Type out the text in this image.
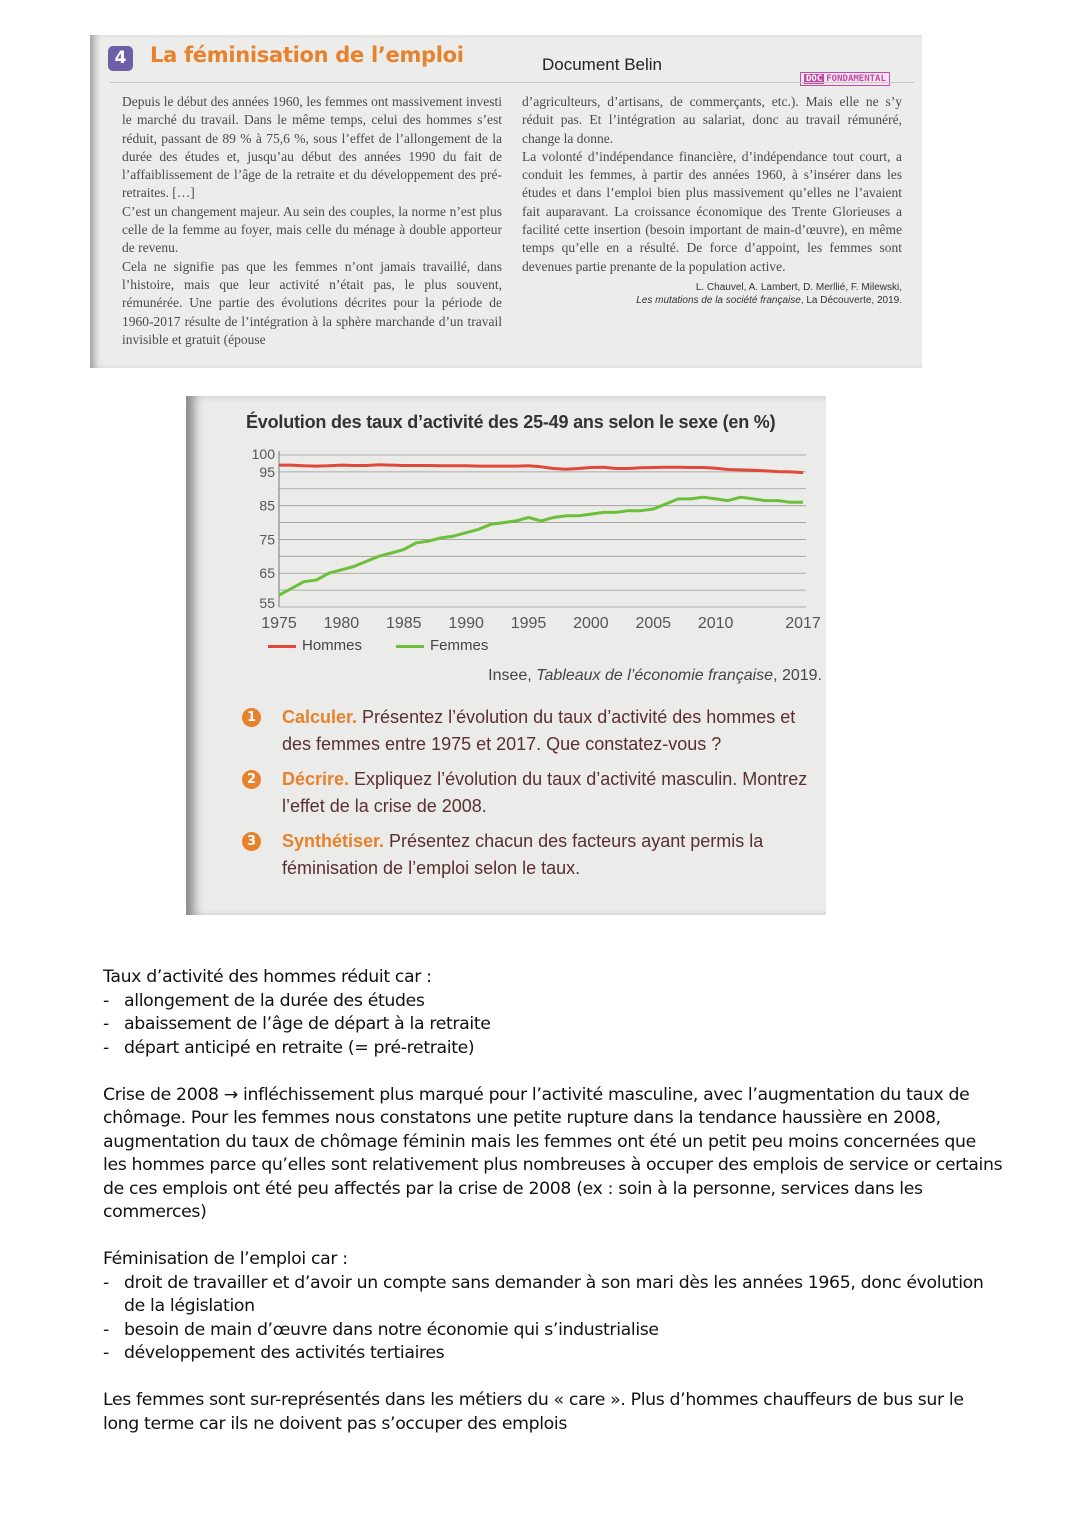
4	La féminisation de l’emploi	Document Belin
DOC FONDAMENTAL

Depuis le début des années 1960, les femmes ont massivement investi le marché du travail. Dans le même temps, celui des hommes s’est réduit, passant de 89 % à 75,6 %, sous l’effet de l’allongement de la durée des études et, jusqu’au début des années 1990 du fait de l’affaiblissement de l’âge de la retraite et du développement des pré-retraites. […]

C’est un changement majeur. Au sein des couples, la norme n’est plus celle de la femme au foyer, mais celle du ménage à double apporteur de revenu.

Cela ne signifie pas que les femmes n’ont jamais travaillé, dans l’histoire, mais que leur activité n’était pas, le plus souvent, rémunérée. Une partie des évolutions décrites pour la période de 1960-2017 résulte de l’intégration à la sphère marchande d’un travail invisible et gratuit (épouse

d’agriculteurs, d’artisans, de commerçants, etc.). Mais elle ne s’y réduit pas. Et l’intégration au salariat, donc au travail rémunéré, change la donne.

La volonté d’indépendance financière, d’indépendance tout court, a conduit les femmes, à partir des années 1960, à s’insérer dans les études et dans l’emploi bien plus massivement qu’elles ne l’avaient fait auparavant. La croissance économique des Trente Glorieuses a facilité cette insertion (besoin important de main-d’œuvre), en même temps qu’elle en a résulté. De force d’appoint, les femmes sont devenues partie prenante de la population active.

L. Chauvel, A. Lambert, D. Merllié, F. Milewski,
Les mutations de la société française, La Découverte, 2019.

Évolution des taux d’activité des 25-49 ans selon le sexe (en %)
100
95
85
75
65
55
1975 1980 1985 1990 1995 2000 2005 2010	2017
Hommes	Femmes
Insee, Tableaux de l’économie française, 2019.
1	Calculer. Présentez l’évolution du taux d’activité des hommes et des femmes entre 1975 et 2017. Que constatez-vous ?
2	Décrire. Expliquez l’évolution du taux d’activité masculin. Montrez l’effet de la crise de 2008.
3	Synthétiser. Présentez chacun des facteurs ayant permis la féminisation de l’emploi selon le taux.

Taux d’activité des hommes réduit car :

- allongement de la durée des études

- abaissement de l’âge de départ à la retraite

- départ anticipé en retraite (= pré-retraite)

Crise de 2008 → infléchissement plus marqué pour l’activité masculine, avec l’augmentation du taux de chômage. Pour les femmes nous constatons une petite rupture dans la tendance haussière en 2008, augmentation du taux de chômage féminin mais les femmes ont été un petit peu moins concernées que les hommes parce qu’elles sont relativement plus nombreuses à occuper des emplois de service or certains de ces emplois ont été peu affectés par la crise de 2008 (ex : soin à la personne, services dans les commerces)

Féminisation de l’emploi car :

- droit de travailler et d’avoir un compte sans demander à son mari dès les années 1965, donc évolution de la législation

- besoin de main d’œuvre dans notre économie qui s’industrialise

- développement des activités tertiaires

Les femmes sont sur-représentés dans les métiers du « care ». Plus d’hommes chauffeurs de bus sur le long terme car ils ne doivent pas s’occuper des emplois
